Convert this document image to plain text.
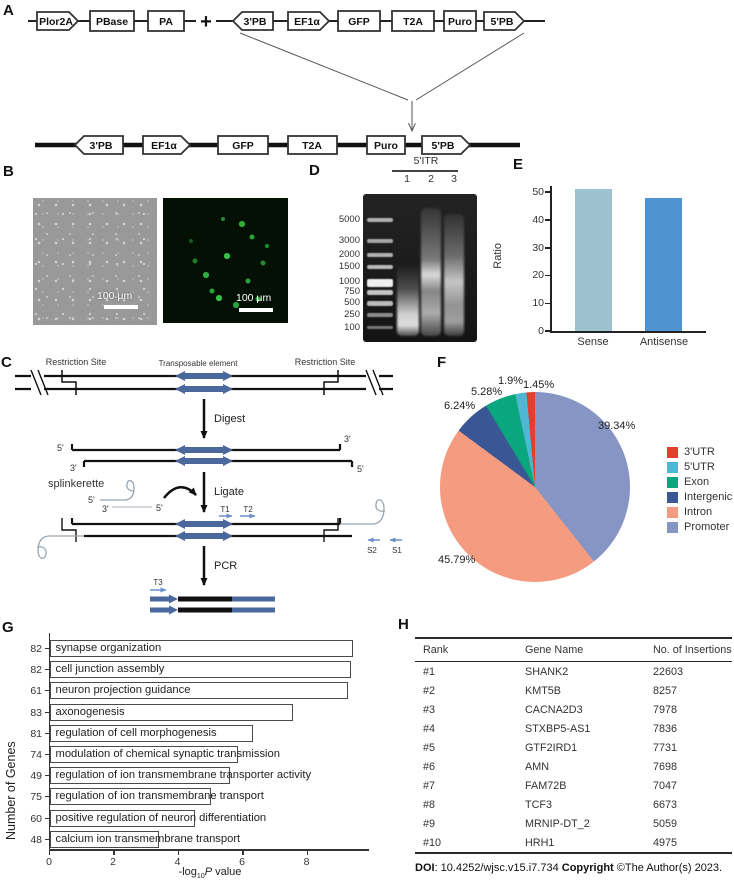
A
B
C
D	E
F
G	H
Plor2A PBase	PA +	3'PB	EF1α	GFP	T2A Puro 5'PB
3'PB	EF1α	GFP	T2A	Puro	5'PB
100 μm	100 μm
5'ITR
1	2	3
5000
3000
2000
1500
1000
750
500
250
100
Ratio
0
10
20
30
40
50
Sense	Antisense
Restriction Site	Transposable element	Restriction Site
Digest
5'
3'
3'
5'
splinkerette
5'
3'	5'
Ligate
T1 T2
S2 S1
PCR
T3
39.34%
45.79%
6.24%
5.28%
1.9% 1.45%
3'UTR
5'UTR
Exon
Intergenic
Intron
Promoter
Number of Genes
82	synapse organization
82	cell junction assembly
61	neuron projection guidance
83	axonogenesis
81	regulation of cell morphogenesis
74	modulation of chemical synaptic transmission
49	regulation of ion transmembrane transporter activity
75	regulation of ion transmembrane transport
60	positive regulation of neuron differentiation
48	calcium ion transmembrane transport
0	2	4	6	8
$-\log_{10}P$ value
Rank	Gene Name	No. of Insertions
#1	SHANK2	22603
#2	KMT5B	8257
#3	CACNA2D3	7978
#4	STXBP5-AS1	7836
#5	GTF2IRD1	7731
#6	AMN	7698
#7	FAM72B	7047
#8	TCF3	6673
#9	MRNIP-DT_2	5059
#10	HRH1	4975
DOI: 10.4252/wjsc.v15.i7.734 Copyright ©The Author(s) 2023.
